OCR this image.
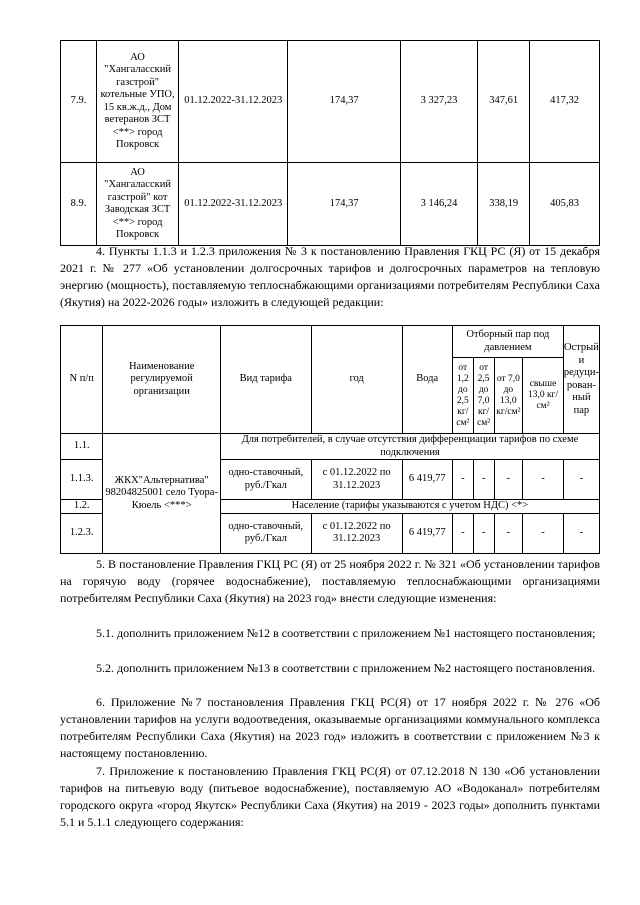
7.9.	АО "Хангаласский газстрой" котельные УПО, 15 кв.ж.д., Дом ветеранов ЗСТ <**> город Покровск	01.12.2022-31.12.2023	174,37	3 327,23	347,61	417,32
8.9.	АО "Хангаласский газстрой" кот Заводская ЗСТ <**> город Покровск	01.12.2022-31.12.2023	174,37	3 146,24	338,19	405,83

4. Пункты 1.1.3 и 1.2.3 приложения № 3 к постановлению Правления ГКЦ РС (Я) от 15 декабря 2021 г. № 277 «Об установлении долгосрочных тарифов и долгосрочных параметров на тепловую энергию (мощность), поставляемую теплоснабжающими организациями потребителям Республики Саха (Якутия) на 2022-2026 годы» изложить в следующей редакции:

N п/п	Наименование регулируемой организации	Вид тарифа	год	Вода	Отборный пар под давлением				Острый и редуци-рован-ный пар
					от 1,2 до 2,5 кг/см²	от 2,5 до 7,0 кг/см²	от 7,0 до 13,0 кг/см²	свыше 13,0 кг/см²	
1.1.	ЖКХ"Альтернатива" 98204825001 село Туора-Кюель <***>	Для потребителей, в случае отсутствия дифференциации тарифов по схеме подключения							
1.1.3.		одно-ставочный, руб./Гкал	с 01.12.2022 по 31.12.2023	6 419,77	-	-	-	-	-
1.2.		Население (тарифы указываются с учетом НДС) <*>							
1.2.3.		одно-ставочный, руб./Гкал	с 01.12.2022 по 31.12.2023	6 419,77	-	-	-	-	-

5. В постановление Правления ГКЦ РС (Я) от 25 ноября 2022 г. № 321 «Об установлении тарифов на горячую воду (горячее водоснабжение), поставляемую теплоснабжающими организациями потребителям Республики Саха (Якутия) на 2023 год» внести следующие изменения:

5.1. дополнить приложением №12 в соответствии с приложением №1 настоящего постановления;

5.2. дополнить приложением №13 в соответствии с приложением №2 настоящего постановления.

6. Приложение №7 постановления Правления ГКЦ РС(Я) от 17 ноября 2022 г. № 276 «Об установлении тарифов на услуги водоотведения, оказываемые организациями коммунального комплекса потребителям Республики Саха (Якутия) на 2023 год» изложить в соответствии с приложением №3 к настоящему постановлению.

7. Приложение к постановлению Правления ГКЦ РС(Я) от 07.12.2018 N 130 «Об установлении тарифов на питьевую воду (питьевое водоснабжение), поставляемую АО «Водоканал» потребителям городского округа «город Якутск» Республики Саха (Якутия) на 2019 - 2023 годы» дополнить пунктами 5.1 и 5.1.1 следующего содержания:
